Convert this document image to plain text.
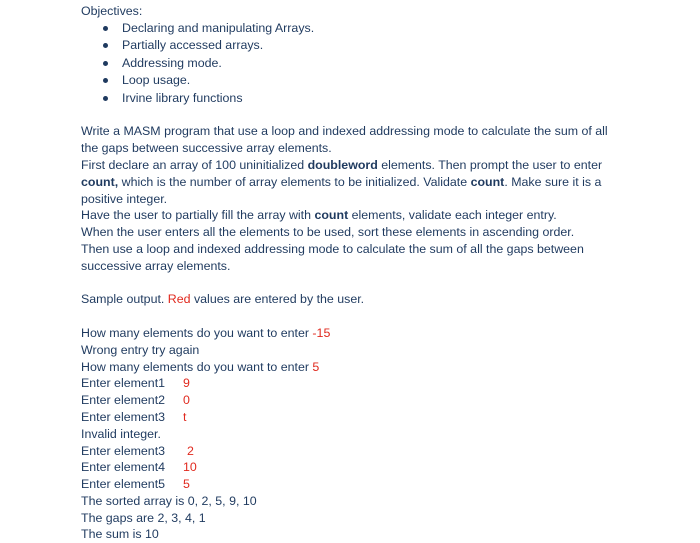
Objectives:
Declaring and manipulating Arrays.
Partially accessed arrays.
Addressing mode.
Loop usage.
Irvine library functions
Write a MASM program that use a loop and indexed addressing mode to calculate the sum of all
the gaps between successive array elements.
First declare an array of 100 uninitialized doubleword elements. Then prompt the user to enter
count, which is the number of array elements to be initialized. Validate count. Make sure it is a
positive integer.
Have the user to partially fill the array with count elements, validate each integer entry.
When the user enters all the elements to be used, sort these elements in ascending order.
Then use a loop and indexed addressing mode to calculate the sum of all the gaps between
successive array elements.
Sample output. Red values are entered by the user.
How many elements do you want to enter -15
Wrong entry try again
How many elements do you want to enter 5
Enter element1 9
Enter element2 0
Enter element3 t
Invalid integer.
Enter element3 2
Enter element4 10
Enter element5 5
The sorted array is 0, 2, 5, 9, 10
The gaps are 2, 3, 4, 1
The sum is 10
